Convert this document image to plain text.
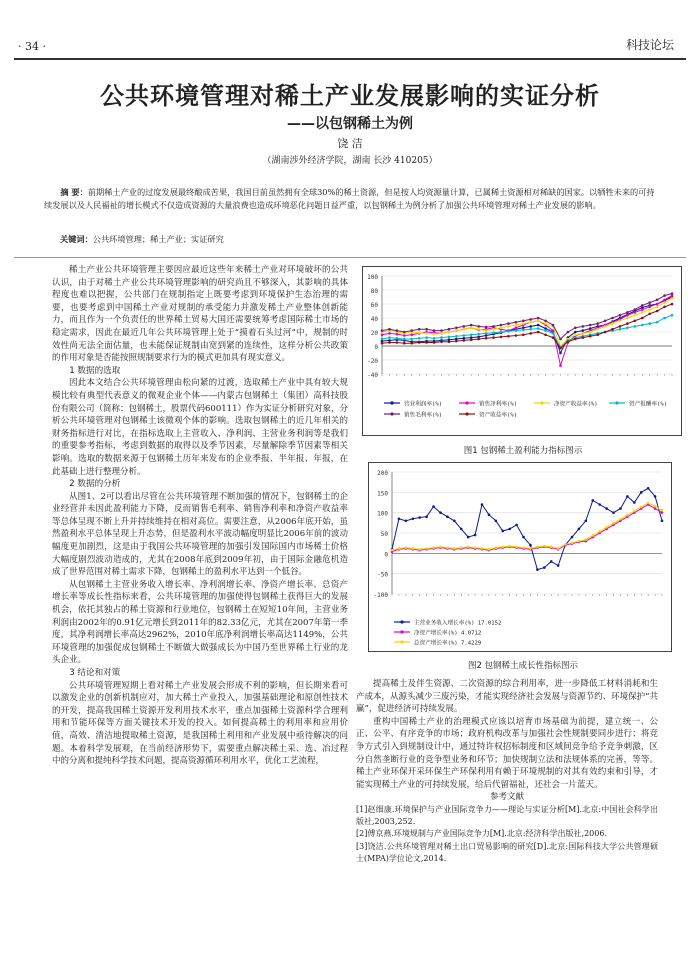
· 34 ·	科技论坛
公共环境管理对稀土产业发展影响的实证分析
——以包钢稀土为例
饶 洁
（湖南涉外经济学院，湖南 长沙 410205）
摘 要：前期稀土产业的过度发展最终酿成苦果，我国目前虽然拥有全球30%的稀土资源，但是按人均资源量计算，已属稀土资源相对稀缺的国家。以牺牲未来的可持续发展以及人民福祉的增长模式不仅造成资源的大量浪费也造成环境恶化问题日益严重，以包钢稀土为例分析了加强公共环境管理对稀土产业发展的影响。
关键词：公共环境管理；稀土产业；实证研究

稀土产业公共环境管理主要因应最近这些年来稀土产业对环境破坏的公共认识，由于对稀土产业公共环境管理影响的研究尚且不够深入，其影响的具体程度也难以把握，公共部门在规制指定上既要考虑到环境保护生态治理的需要，也要考虑到中国稀土产业对规制的承受能力并激发稀土产业整体创新能力，而且作为一个负责任的世界稀土贸易大国还需要统筹考虑国际稀土市场的稳定需求，因此在最近几年公共环境管理上处于“摸着石头过河”中，规制的时效性尚无法全面估量，也未能保证规制由宽到紧的连续性，这样分析公共政策的作用对象是否能按照规制要求行为的模式更加具有现实意义。

1 数据的选取

因此本文结合公共环境管理由松向紧的过渡，选取稀土产业中具有较大规模比较有典型代表意义的微观企业个体——内蒙古包钢稀土（集团）高科技股份有限公司（简称：包钢稀土，股票代码600111）作为实证分析研究对象，分析公共环境管理对包钢稀土该微观个体的影响。选取包钢稀土的近几年相关的财务指标进行对比，在指标选取上主营收入、净利润、主营业务利润等是我们的重要参考指标，考虑到数据的取得以及季节因素，尽量解除季节因素等相关影响。选取的数据来源于包钢稀土历年来发布的企业季报、半年报、年报，在此基础上进行整理分析。

2 数据的分析

从图1、2可以看出尽管在公共环境管理不断加强的情况下，包钢稀土的企业经营并未因此盈利能力下降，反而销售毛利率、销售净利率和净资产收益率等总体呈现不断上升并持续维持在相对高位。需要注意，从2006年底开始，虽然盈利水平总体呈现上升态势，但是盈利水平波动幅度明显比2006年前的波动幅度更加剧烈，这是由于我国公共环境管理的加强引发国际国内市场稀土价格大幅度剧烈波动造成的，尤其在2008年底到2009年初，由于国际金融危机造成了世界范围对稀土需求下降，包钢稀土的盈利水平达到一个低谷。

从包钢稀土主营业务收入增长率、净利润增长率、净资产增长率、总资产增长率等成长性指标来看，公共环境管理的加强使得包钢稀土获得巨大的发展机会，依托其独占的稀土资源和行业地位，包钢稀土在短短10年间，主营业务利润由2002年的0.91亿元增长到2011年的82.33亿元，尤其在2007年第一季度，其净利润增长率高达2962%，2010年底净利润增长率高达1149%，公共环境管理的加强促成包钢稀土不断做大做强成长为中国乃至世界稀土行业的龙头企业。

3 结论和对策

公共环境管理短期上看对稀土产业发展会形成不利的影响，但长期来看可以激发企业的创新机制应对，加大稀土产业投入，加强基础理论和原创性技术的开发，提高我国稀土资源开发利用技术水平，重点加强稀土资源科学合理利用和节能环保等方面关键技术开发的投入。如何提高稀土的利用率和应用价值，高效、清洁地提取稀土资源，是我国稀土利用和产业发展中亟待解决的问题。本着科学发展观，在当前经济形势下，需要重点解决稀土采、选、冶过程中的分离和提纯科学技术问题，提高资源循环利用水平，优化工艺流程，

100
80
60
40
20
0
-20
-40
营业利润率(%)	销售净利率(%)	净资产收益率(%)	资产报酬率(%)
销售毛利率(%)	资产收益率(%)
图1 包钢稀土盈利能力指标图示
200
150
100
50
0
-50
-100
主营业务收入增长率(%) 17.0152
净资产增长率(%) 4.0712
总资产增长率(%) 7.4229
图2 包钢稀土成长性指标图示

提高稀土及伴生资源、二次资源的综合利用率，进一步降低工材料消耗和生产成本，从源头减少三废污染，才能实现经济社会发展与资源节约、环境保护“共赢”，促进经济可持续发展。

重构中国稀土产业的治理模式应该以培育市场基础为前提，建立统一、公正、公平、有序竞争的市场；政府机构改革与加强社会性规制要同步进行；将竞争方式引入到规制设计中，通过特许权招标制度和区域间竞争给予竞争刺激，区分自然垄断行业的竞争型业务和环节；加快规制立法和法规体系的完善，等等。稀土产业环保开采环保生产环保利用有赖于环境规制的对其有效约束和引导，才能实现稀土产业的可持续发展，给后代留福祉，还社会一片蓝天。

参考文献

[1]赵细康.环境保护与产业国际竞争力——理论与实证分析[M].北京:中国社会科学出版社,2003,252.
[2]傅京燕.环境规制与产业国际竞争力[M].北京:经济科学出版社,2006.
[3]饶洁.公共环境管理对稀土出口贸易影响的研究[D].北京:国际科技大学公共管理硕士(MPA)学位论文,2014.
